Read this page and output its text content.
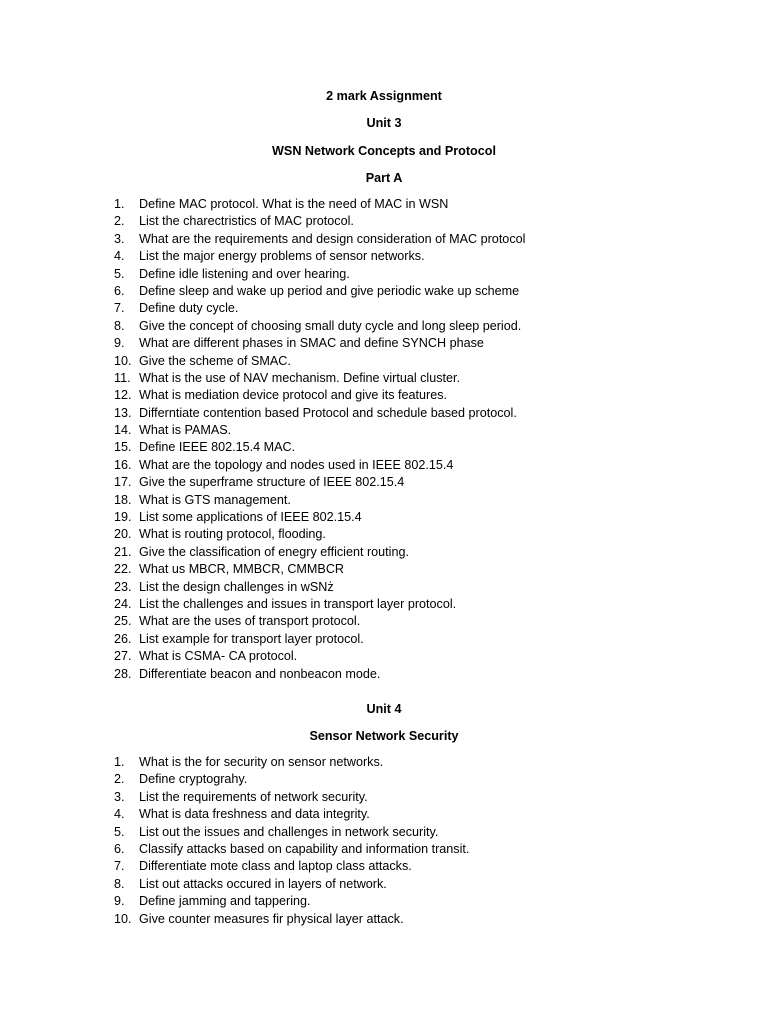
2 mark Assignment
Unit 3
WSN Network Concepts and Protocol
Part A
1. Define MAC protocol. What is the need of MAC in WSN
2. List the charectristics of MAC protocol.
3. What are the requirements and design consideration of MAC protocol
4. List the major energy problems of sensor networks.
5. Define idle listening and over hearing.
6. Define sleep and wake up period and give periodic wake up scheme
7. Define duty cycle.
8. Give the concept of choosing small duty cycle and long sleep period.
9. What are different phases in SMAC and define SYNCH phase
10. Give the scheme of SMAC.
11. What is the use of NAV mechanism. Define virtual cluster.
12. What is mediation device protocol and give its features.
13. Differntiate contention based Protocol and schedule based protocol.
14. What is PAMAS.
15. Define IEEE 802.15.4 MAC.
16. What are the topology and nodes used in IEEE 802.15.4
17. Give the superframe structure of IEEE 802.15.4
18. What is GTS management.
19. List some applications of IEEE 802.15.4
20. What is routing protocol, flooding.
21. Give the classification of enegry efficient routing.
22. What us MBCR, MMBCR, CMMBCR
23. List the design challenges in wSNż
24. List the challenges and issues in transport layer protocol.
25. What are the uses of transport protocol.
26. List example for transport layer protocol.
27. What is CSMA- CA protocol.
28. Differentiate beacon and nonbeacon mode.
Unit 4
Sensor Network Security
1. What is the for security on sensor networks.
2. Define cryptograhy.
3. List the requirements of network security.
4. What is data freshness and data integrity.
5. List out the issues and challenges in network security.
6. Classify attacks based on capability and information transit.
7. Differentiate mote class and laptop class attacks.
8. List out attacks occured in layers of network.
9. Define jamming and tappering.
10. Give counter measures fir physical layer attack.
